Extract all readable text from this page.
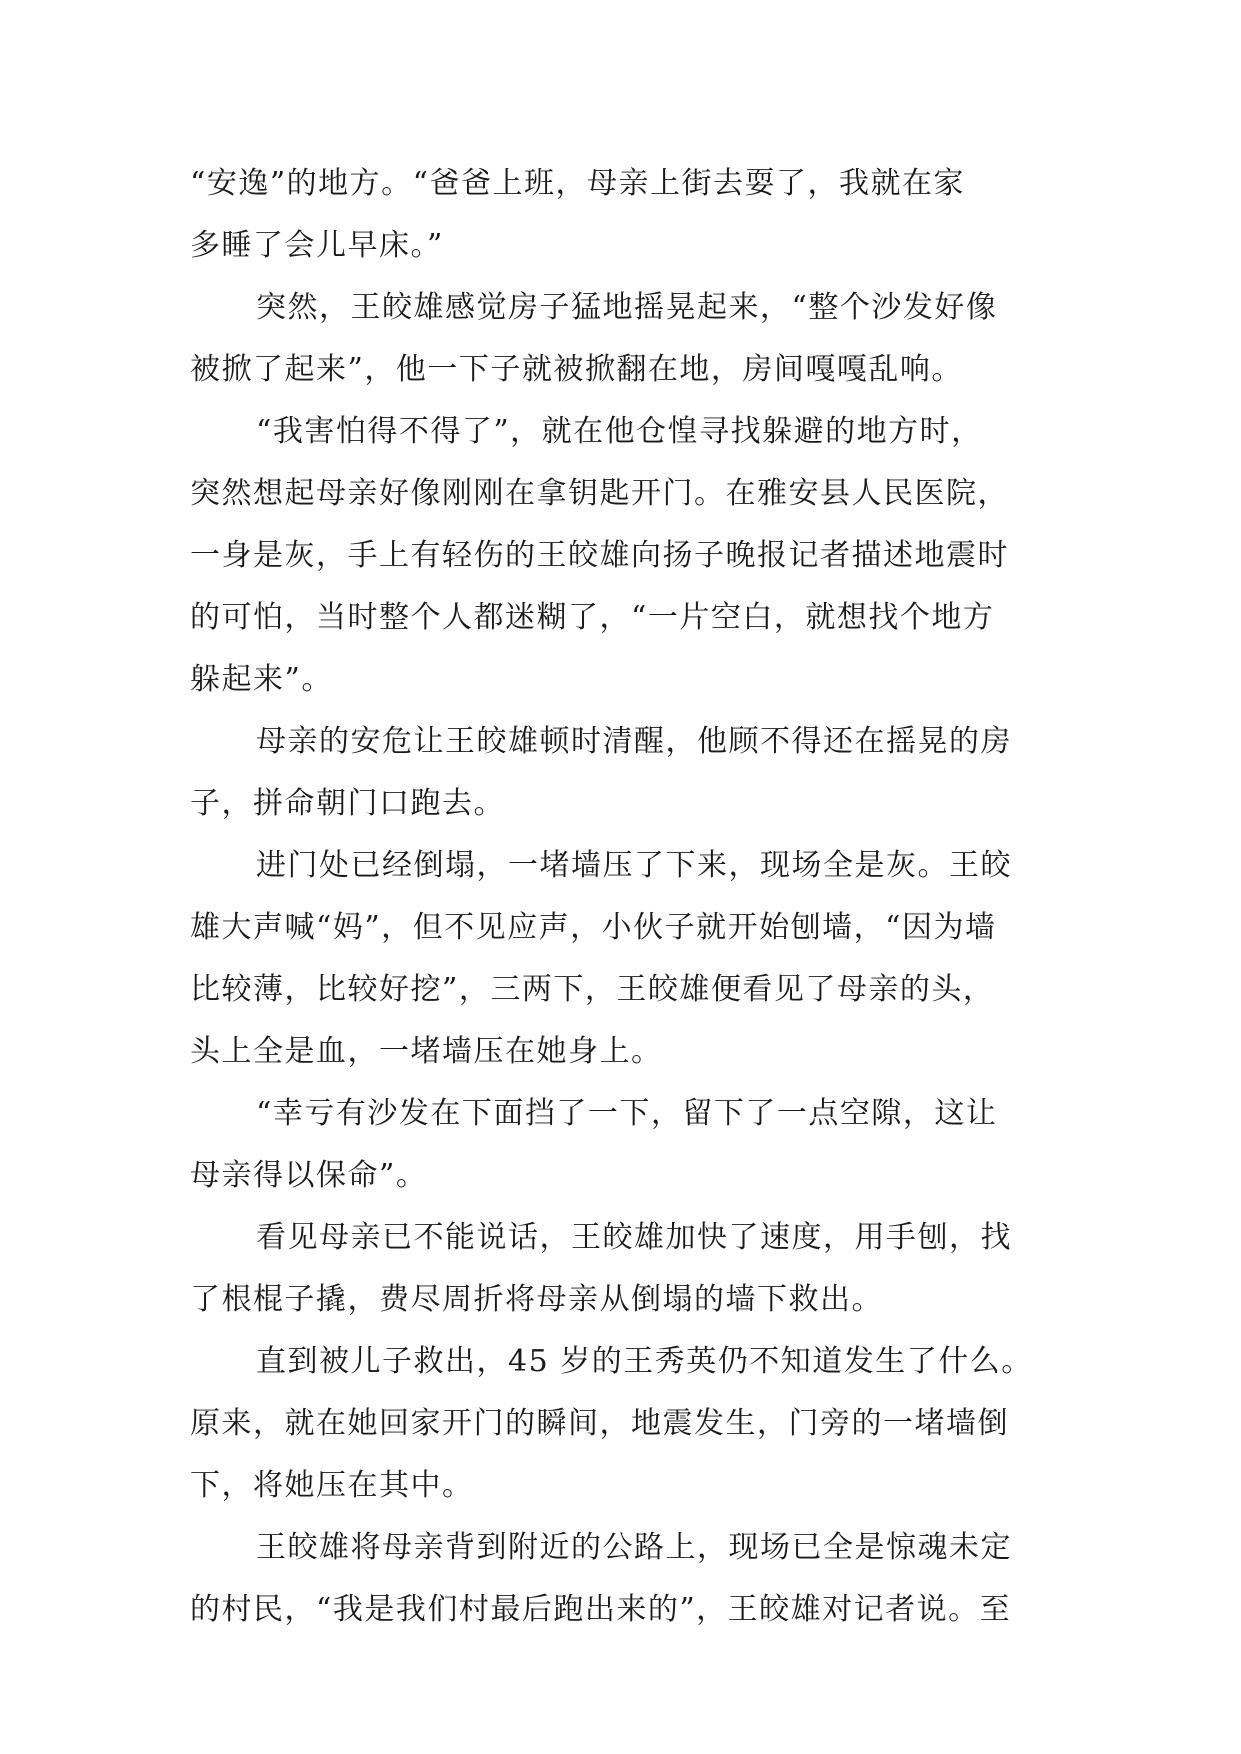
“安逸”的地方。“爸爸上班，母亲上街去耍了，我就在家
多睡了会儿早床。”
突然，王皎雄感觉房子猛地摇晃起来，“整个沙发好像
被掀了起来”，他一下子就被掀翻在地，房间嘎嘎乱响。
“我害怕得不得了”，就在他仓惶寻找躲避的地方时，
突然想起母亲好像刚刚在拿钥匙开门。在雅安县人民医院，
一身是灰，手上有轻伤的王皎雄向扬子晚报记者描述地震时
的可怕，当时整个人都迷糊了，“一片空白，就想找个地方
躲起来”。
母亲的安危让王皎雄顿时清醒，他顾不得还在摇晃的房
子，拼命朝门口跑去。
进门处已经倒塌，一堵墙压了下来，现场全是灰。王皎
雄大声喊“妈”，但不见应声，小伙子就开始刨墙，“因为墙
比较薄，比较好挖”，三两下，王皎雄便看见了母亲的头，
头上全是血，一堵墙压在她身上。
“幸亏有沙发在下面挡了一下，留下了一点空隙，这让
母亲得以保命”。
看见母亲已不能说话，王皎雄加快了速度，用手刨，找
了根棍子撬，费尽周折将母亲从倒塌的墙下救出。
直到被儿子救出，45 岁的王秀英仍不知道发生了什么。
原来，就在她回家开门的瞬间，地震发生，门旁的一堵墙倒
下，将她压在其中。
王皎雄将母亲背到附近的公路上，现场已全是惊魂未定
的村民，“我是我们村最后跑出来的”，王皎雄对记者说。至
